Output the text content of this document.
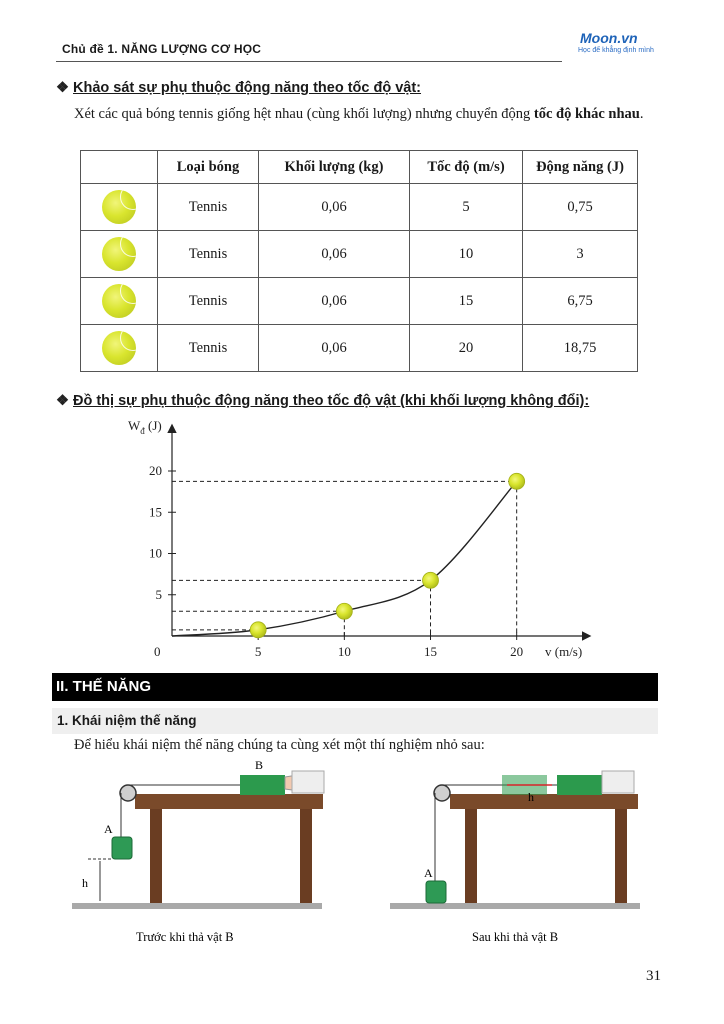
Chủ đề 1. NĂNG LƯỢNG CƠ HỌC
Moon.vn
Học để khẳng định mình
❖ Khảo sát sự phụ thuộc động năng theo tốc độ vật:
Xét các quả bóng tennis giống hệt nhau (cùng khối lượng) nhưng chuyển động tốc độ khác nhau.
	Loại bóng	Khối lượng (kg)	Tốc độ (m/s)	Động năng (J)
	Tennis	0,06	5	0,75
	Tennis	0,06	10	3
	Tennis	0,06	15	6,75
	Tennis	0,06	20	18,75
❖ Đồ thị sự phụ thuộc động năng theo tốc độ vật (khi khối lượng không đổi):
5	10	15	20
5
10
15
20
$W_đ$ (J)
v (m/s)
0
II. THẾ NĂNG
1. Khái niệm thế năng
Để hiểu khái niệm thế năng chúng ta cùng xét một thí nghiệm nhỏ sau:
A
B
h
Trước khi thả vật B
h
A
Sau khi thả vật B
31
